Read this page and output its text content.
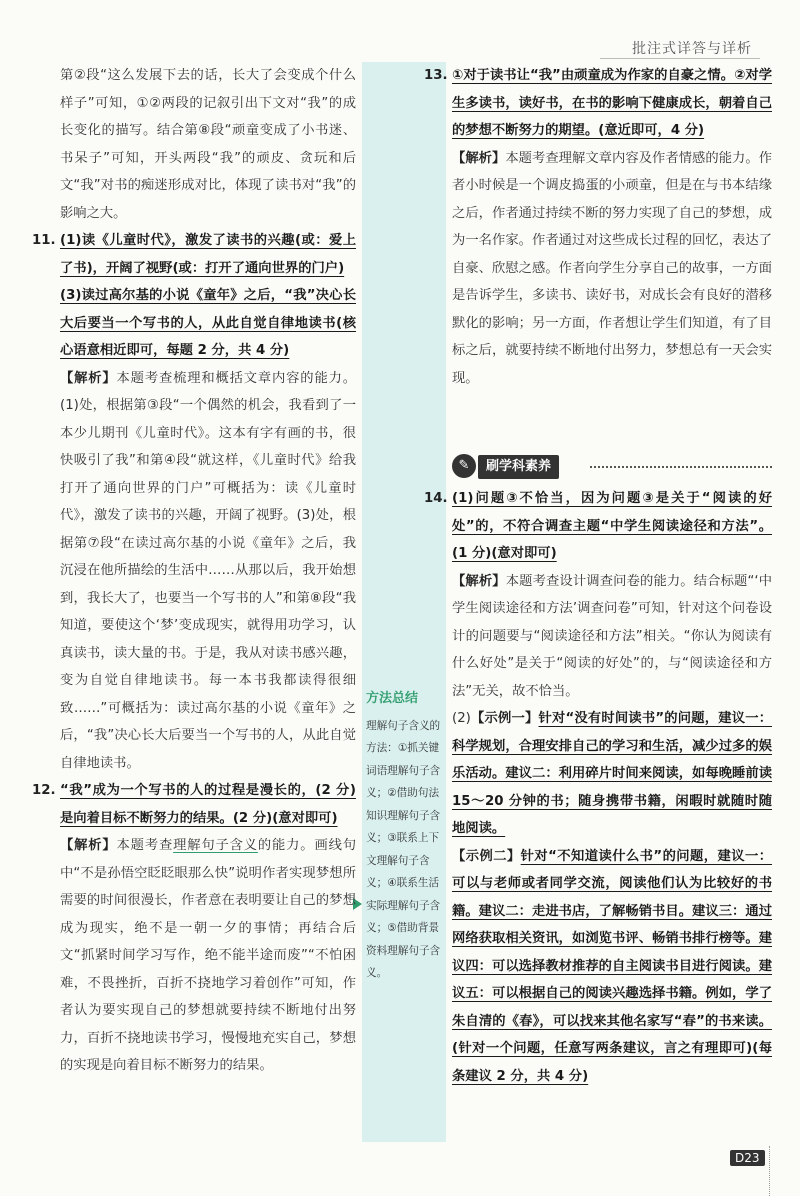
批注式详答与详析
方法总结
理解句子含义的方法：①抓关键词语理解句子含义；②借助句法知识理解句子含义；③联系上下文理解句子含义；④联系生活实际理解句子含义；⑤借助背景资料理解句子含义。

第②段“这么发展下去的话，长大了会变成个什么样子”可知，①②两段的记叙引出下文对“我”的成长变化的描写。结合第⑧段“顽童变成了小书迷、书呆子”可知，开头两段“我”的顽皮、贪玩和后文“我”对书的痴迷形成对比，体现了读书对“我”的影响之大。

11. (1)读《儿童时代》，激发了读书的兴趣(或：爱上了书)，开阔了视野(或：打开了通向世界的门户)

(3)读过高尔基的小说《童年》之后，“我”决心长大后要当一个写书的人，从此自觉自律地读书(核心语意相近即可，每题 2 分，共 4 分)

【解析】本题考查梳理和概括文章内容的能力。(1)处，根据第③段“一个偶然的机会，我看到了一本少儿期刊《儿童时代》。这本有字有画的书，很快吸引了我”和第④段“就这样，《儿童时代》给我打开了通向世界的门户”可概括为：读《儿童时代》，激发了读书的兴趣，开阔了视野。(3)处，根据第⑦段“在读过高尔基的小说《童年》之后，我沉浸在他所描绘的生活中……从那以后，我开始想到，我长大了，也要当一个写书的人”和第⑧段“我知道，要使这个‘梦’变成现实，就得用功学习，认真读书，读大量的书。于是，我从对读书感兴趣，变为自觉自律地读书。每一本书我都读得很细致……”可概括为：读过高尔基的小说《童年》之后，“我”决心长大后要当一个写书的人，从此自觉自律地读书。

12. “我”成为一个写书的人的过程是漫长的，(2 分)是向着目标不断努力的结果。(2 分)(意对即可)

【解析】本题考查理解句子含义的能力。画线句中“不是孙悟空眨眨眼那么快”说明作者实现梦想所需要的时间很漫长，作者意在表明要让自己的梦想成为现实，绝不是一朝一夕的事情；再结合后文“抓紧时间学习写作，绝不能半途而废”“不怕困难，不畏挫折，百折不挠地学习着创作”可知，作者认为要实现自己的梦想就要持续不断地付出努力，百折不挠地读书学习，慢慢地充实自己，梦想的实现是向着目标不断努力的结果。

13. ①对于读书让“我”由顽童成为作家的自豪之情。②对学生多读书，读好书，在书的影响下健康成长，朝着自己的梦想不断努力的期望。(意近即可，4 分)

【解析】本题考查理解文章内容及作者情感的能力。作者小时候是一个调皮捣蛋的小顽童，但是在与书本结缘之后，作者通过持续不断的努力实现了自己的梦想，成为一名作家。作者通过对这些成长过程的回忆，表达了自豪、欣慰之感。作者向学生分享自己的故事，一方面是告诉学生，多读书、读好书，对成长会有良好的潜移默化的影响；另一方面，作者想让学生们知道，有了目标之后，就要持续不断地付出努力，梦想总有一天会实现。

✎	刷学科素养

14. (1)问题③不恰当，因为问题③是关于“阅读的好处”的，不符合调查主题“中学生阅读途径和方法”。(1 分)(意对即可)

【解析】本题考查设计调查问卷的能力。结合标题“‘中学生阅读途径和方法’调查问卷”可知，针对这个问卷设计的问题要与“阅读途径和方法”相关。“你认为阅读有什么好处”是关于“阅读的好处”的，与“阅读途径和方法”无关，故不恰当。

(2)【示例一】针对“没有时间读书”的问题，建议一：科学规划，合理安排自己的学习和生活，减少过多的娱乐活动。建议二：利用碎片时间来阅读，如每晚睡前读 15～20 分钟的书；随身携带书籍，闲暇时就随时随地阅读。

【示例二】针对“不知道读什么书”的问题，建议一：可以与老师或者同学交流，阅读他们认为比较好的书籍。建议二：走进书店，了解畅销书目。建议三：通过网络获取相关资讯，如浏览书评、畅销书排行榜等。建议四：可以选择教材推荐的自主阅读书目进行阅读。建议五：可以根据自己的阅读兴趣选择书籍。例如，学了朱自清的《春》，可以找来其他名家写“春”的书来读。(针对一个问题，任意写两条建议，言之有理即可)(每条建议 2 分，共 4 分)

D23
